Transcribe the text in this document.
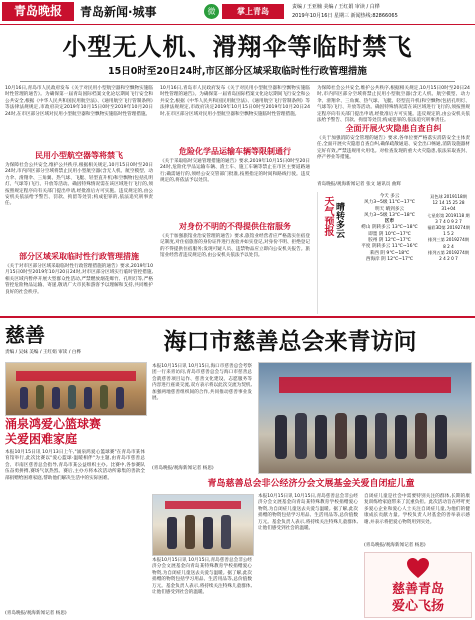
青岛晚报	青岛新闻·城事	微	掌上青岛	责编 / 王亚楠 美编 / 王红娟 审读 / 白桦
2019年10月16日 星期三 新闻热线:82866065
小型无人机、滑翔伞等临时禁飞
15日0时至20日24时,市区部分区域采取临时性行政管理措施
10月16日,青岛市人民政府发布《关于对民用小型航空器和空飘物实施临时性管理的通告》。为确保第一届青岛国际档案文化论坛期间飞行安全和公共安全,根据《中华人民共和国民用航空法》、《通用航空飞行管制条例》等法律法规规定,市政府决定2019年10月15日0时至2019年10月20日24时,在市区部分区域对民用小型航空器和空飘物实施临时性管理措施。
民用小型航空器等将禁飞
为保障社会公共安全,维护公共秩序,根据相关规定,10月15日0时至20日24时,市内四区部分空域将禁止民用小型航空器(含无人机、航空模型、动力伞、滑翔伞、三角翼、热气球、飞艇、轻型直升机)和空飘物(包括孔明灯、气球等)飞行、升放等活动。确因特殊情况需在该区域进行飞行的,须按照规定程序向有关部门提出申请,经批准后方可实施。违反规定的,由公安机关依法给予警告、罚款、拘留等处罚;构成犯罪的,依法追究刑事责任。
部分区域采取临时性行政管理措施
《关于对市区部分区域采取临时性行政管理措施的通告》要求,2019年10月15日0时至2019年10月20日24时,对市区部分区域实行临时管控措施,相关区域内暂停开展大型群众性活动,严禁燃放烟花爆竹、孔明灯等,严格管控危险物品运输、寄递,敬请广大市民和游客予以理解和支持,共同维护良好的社会秩序。
10月16日,青岛市人民政府发布《关于对民用小型航空器和空飘物实施临时性管理的通告》。为确保第一届青岛国际档案文化论坛期间飞行安全和公共安全,根据《中华人民共和国民用航空法》、《通用航空飞行管制条例》等法律法规规定,市政府决定2019年10月15日0时至2019年10月20日24时,在市区部分区域对民用小型航空器和空飘物实施临时性管理措施。
危险化学品运输车辆等限制通行
《关于采取临时交通管理措施的通告》要求,2019年10月15日0时至20日24时,危险化学品运输车辆、渣土车、施工车辆等禁止在市区主要道路通行;确需通行的,须经公安交管部门批准,按照指定的时间和路线行驶。违反规定的,将依法予以处罚。
对身份不明的不得提供住宿服务
《关于加强旅馆业治安管理的通告》要求,旅馆业经营者应严格落实住宿登记制度,对住宿旅客的身份证件进行查验并如实登记,对身份不明、拒绝登记的不得提供住宿服务;发现可疑人员、违禁物品应立即向公安机关报告。旅馆业经营者违反规定的,由公安机关依法予以处罚。
为保障社会公共安全,维护公共秩序,根据相关规定,10月15日0时至20日24时,市内四区部分空域将禁止民用小型航空器(含无人机、航空模型、动力伞、滑翔伞、三角翼、热气球、飞艇、轻型直升机)和空飘物(包括孔明灯、气球等)飞行、升放等活动。确因特殊情况需在该区域进行飞行的,须按照规定程序向有关部门提出申请,经批准后方可实施。违反规定的,由公安机关依法给予警告、罚款、拘留等处罚;构成犯罪的,依法追究刑事责任。
全面开展火灾隐患自查自纠
《关于加强消防安全管理的通告》要求,各单位要严格落实消防安全主体责任,全面开展火灾隐患自查自纠,确保疏散通道、安全出口畅通,消防设施器材完好有效,严禁违规用火用电。对检查发现的重大火灾隐患,依法采取查封、停产停业等措施。
青岛晚报/观海新闻记者 张文 通讯员 曲辉
天气预报 晴转多云
今天 多云
风力3~5级 11℃~17℃
明天 晴到多云
风力3~5级 13℃~18℃
区市
崂山 阴转多云 13℃~18℃
即墨 阴 10℃~17℃
胶州 阴 12℃~17℃
平度 阴转多云 11℃~16℃
莱西 阴 9℃~18℃
西海岸 阴 12℃~17℃
双色球 2019118期
12 14 15 25 28 31+04
七星彩第 2019118 期
3 7 4 0 9 2 7
福彩3D第 2019274期
1 5 2
排列三第 2019274期
8 2 4
排列五第 2019274期
2 4 2 0 7
慈善
责编 / 吴妹 美编 / 王红娟 审读 / 白桦	海口市慈善总会来青访问
涌泉鸿爱心篮球赛
关爱困难家庭
本报10月15日讯 10月13日上午,"涌泉鸿爱心篮球赛"在青岛市某体育馆举行,此次比赛以"爱心篮球·温暖相伴"为主题,由青岛市慈善总会、市南区慈善总会指导,青岛市某公益组织主办。比赛中,各参赛队伍奋勇拼搏,赛场气氛热烈。赛后,主办方将本次活动所募集的善款全部捐赠给困难家庭,帮助他们解决生活中的实际困难。
(青岛晚报/观海新闻记者 杨思)
本报10月15日讯 10月15日,海口市慈善总会考察团一行来青访问,青岛市慈善总会与海口市慈善总会就慈善项目运作、慈善文化建设、志愿服务等内容进行座谈交流,双方表示将以此次交流为契机,加强两地慈善组织间的合作,共同推动慈善事业发展。
(青岛晚报/观海新闻记者 杨思)
青岛慈善总会非公经济分会文展基金关爱自闭症儿童
本报10月15日讯 10月15日,青岛慈善总会非公经济分会文展基金向青岛某特殊教育学校捐赠爱心物资,为自闭症儿童送去关爱与温暖。据了解,此次捐赠的物资包括学习用品、生活用品等,总价值数万元。基金负责人表示,将持续关注特殊儿童群体,让他们感受到社会的温暖。
本报10月15日讯 10月15日,青岛慈善总会非公经济分会文展基金向青岛某特殊教育学校捐赠爱心物资,为自闭症儿童送去关爱与温暖。据了解,此次捐赠的物资包括学习用品、生活用品等,总价值数万元。基金负责人表示,将持续关注特殊儿童群体,让他们感受到社会的温暖。
自闭症儿童是社会中需要特别关注的群体,长期的康复训练给家庭带来了沉重负担。此次活动旨在呼吁更多爱心企业和爱心人士关注自闭症儿童,为他们的健康成长贡献力量。学校负责人对基金的善举表示感谢,并表示将把爱心物资用到实处。
(青岛晚报/观海新闻记者 杨思)
慈善青岛
爱心飞扬
